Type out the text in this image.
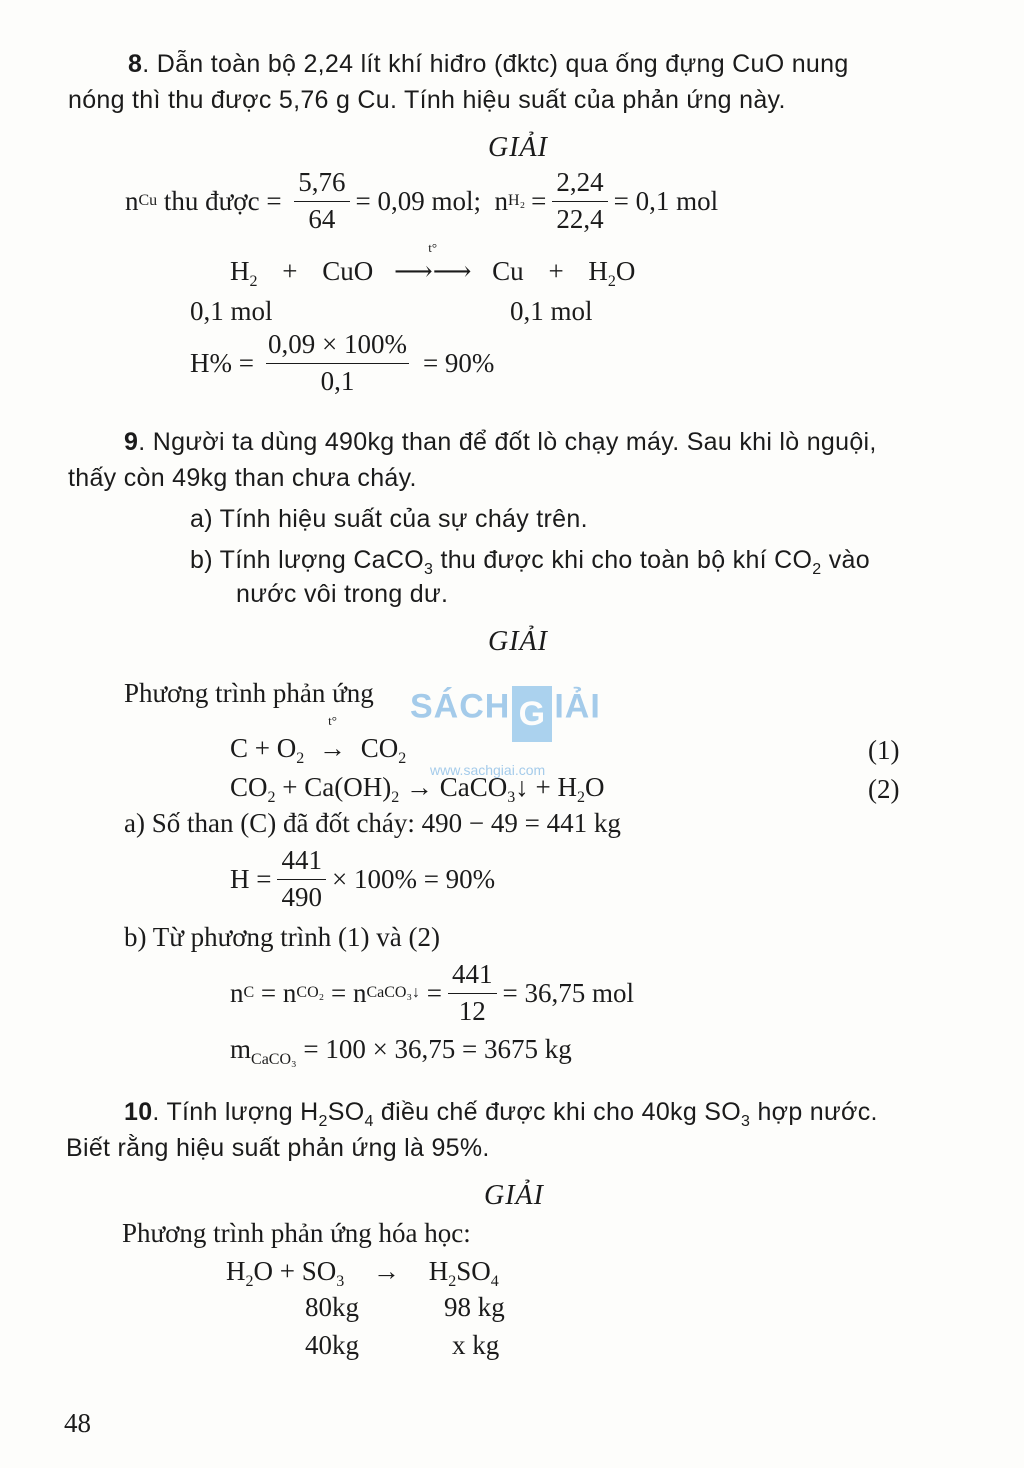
8. Dẫn toàn bộ 2,24 lít khí hiđro (đktc) qua ống đựng CuO nung
nóng thì thu được 5,76 g Cu. Tính hiệu suất của phản ứng này.
GIẢI
n Cu thu được = $\frac{5,76}{64} = 0,09$ mol;  n $H_2 = \frac{2,24}{22,4} = 0,1$ mol
$H_2$ + CuO
t°
⟶⟶ $Cu + H_2O$
0,1 mol	0,1 mol
$H\% = \frac{0,09 \times 100\%}{0,1} = 90\%$
9. Người ta dùng 490kg than để đốt lò chạy máy. Sau khi lò nguội,
thấy còn 49kg than chưa cháy.
a) Tính hiệu suất của sự cháy trên.
b) Tính lượng CaCO$_3$ thu được khi cho toàn bộ khí $CO_2$ vào
nước vôi trong dư.
GIẢI
Phương trình phản ứng
$C + O_2$
t°
→ $CO_2$	(1)
$CO_2 + Ca(OH)_2$ → CaCO$_3$↓ + $H_2O$	(2)
a) Số than (C) đã đốt cháy: 490 − 49 = 441 kg
$H = \frac{441}{490} \times 100\% = 90\%$
b) Từ phương trình (1) và (2)
n C = n CO₂ = n CaCO₃↓ = $\frac{441}{12} = 36,75$ mol
$m_{CaCO_3} = 100 \times 36,75 = 3675$ kg
10. Tính lượng $H_2SO_4$ điều chế được khi cho 40kg $SO_3$ hợp nước.
Biết rằng hiệu suất phản ứng là 95%.
GIẢI
Phương trình phản ứng hóa học:
$H_2O + SO_3 \to H_2SO_4$
80kg	98 kg
40kg	x kg
48
SÁCH G IẢI
www.sachgiai.com
